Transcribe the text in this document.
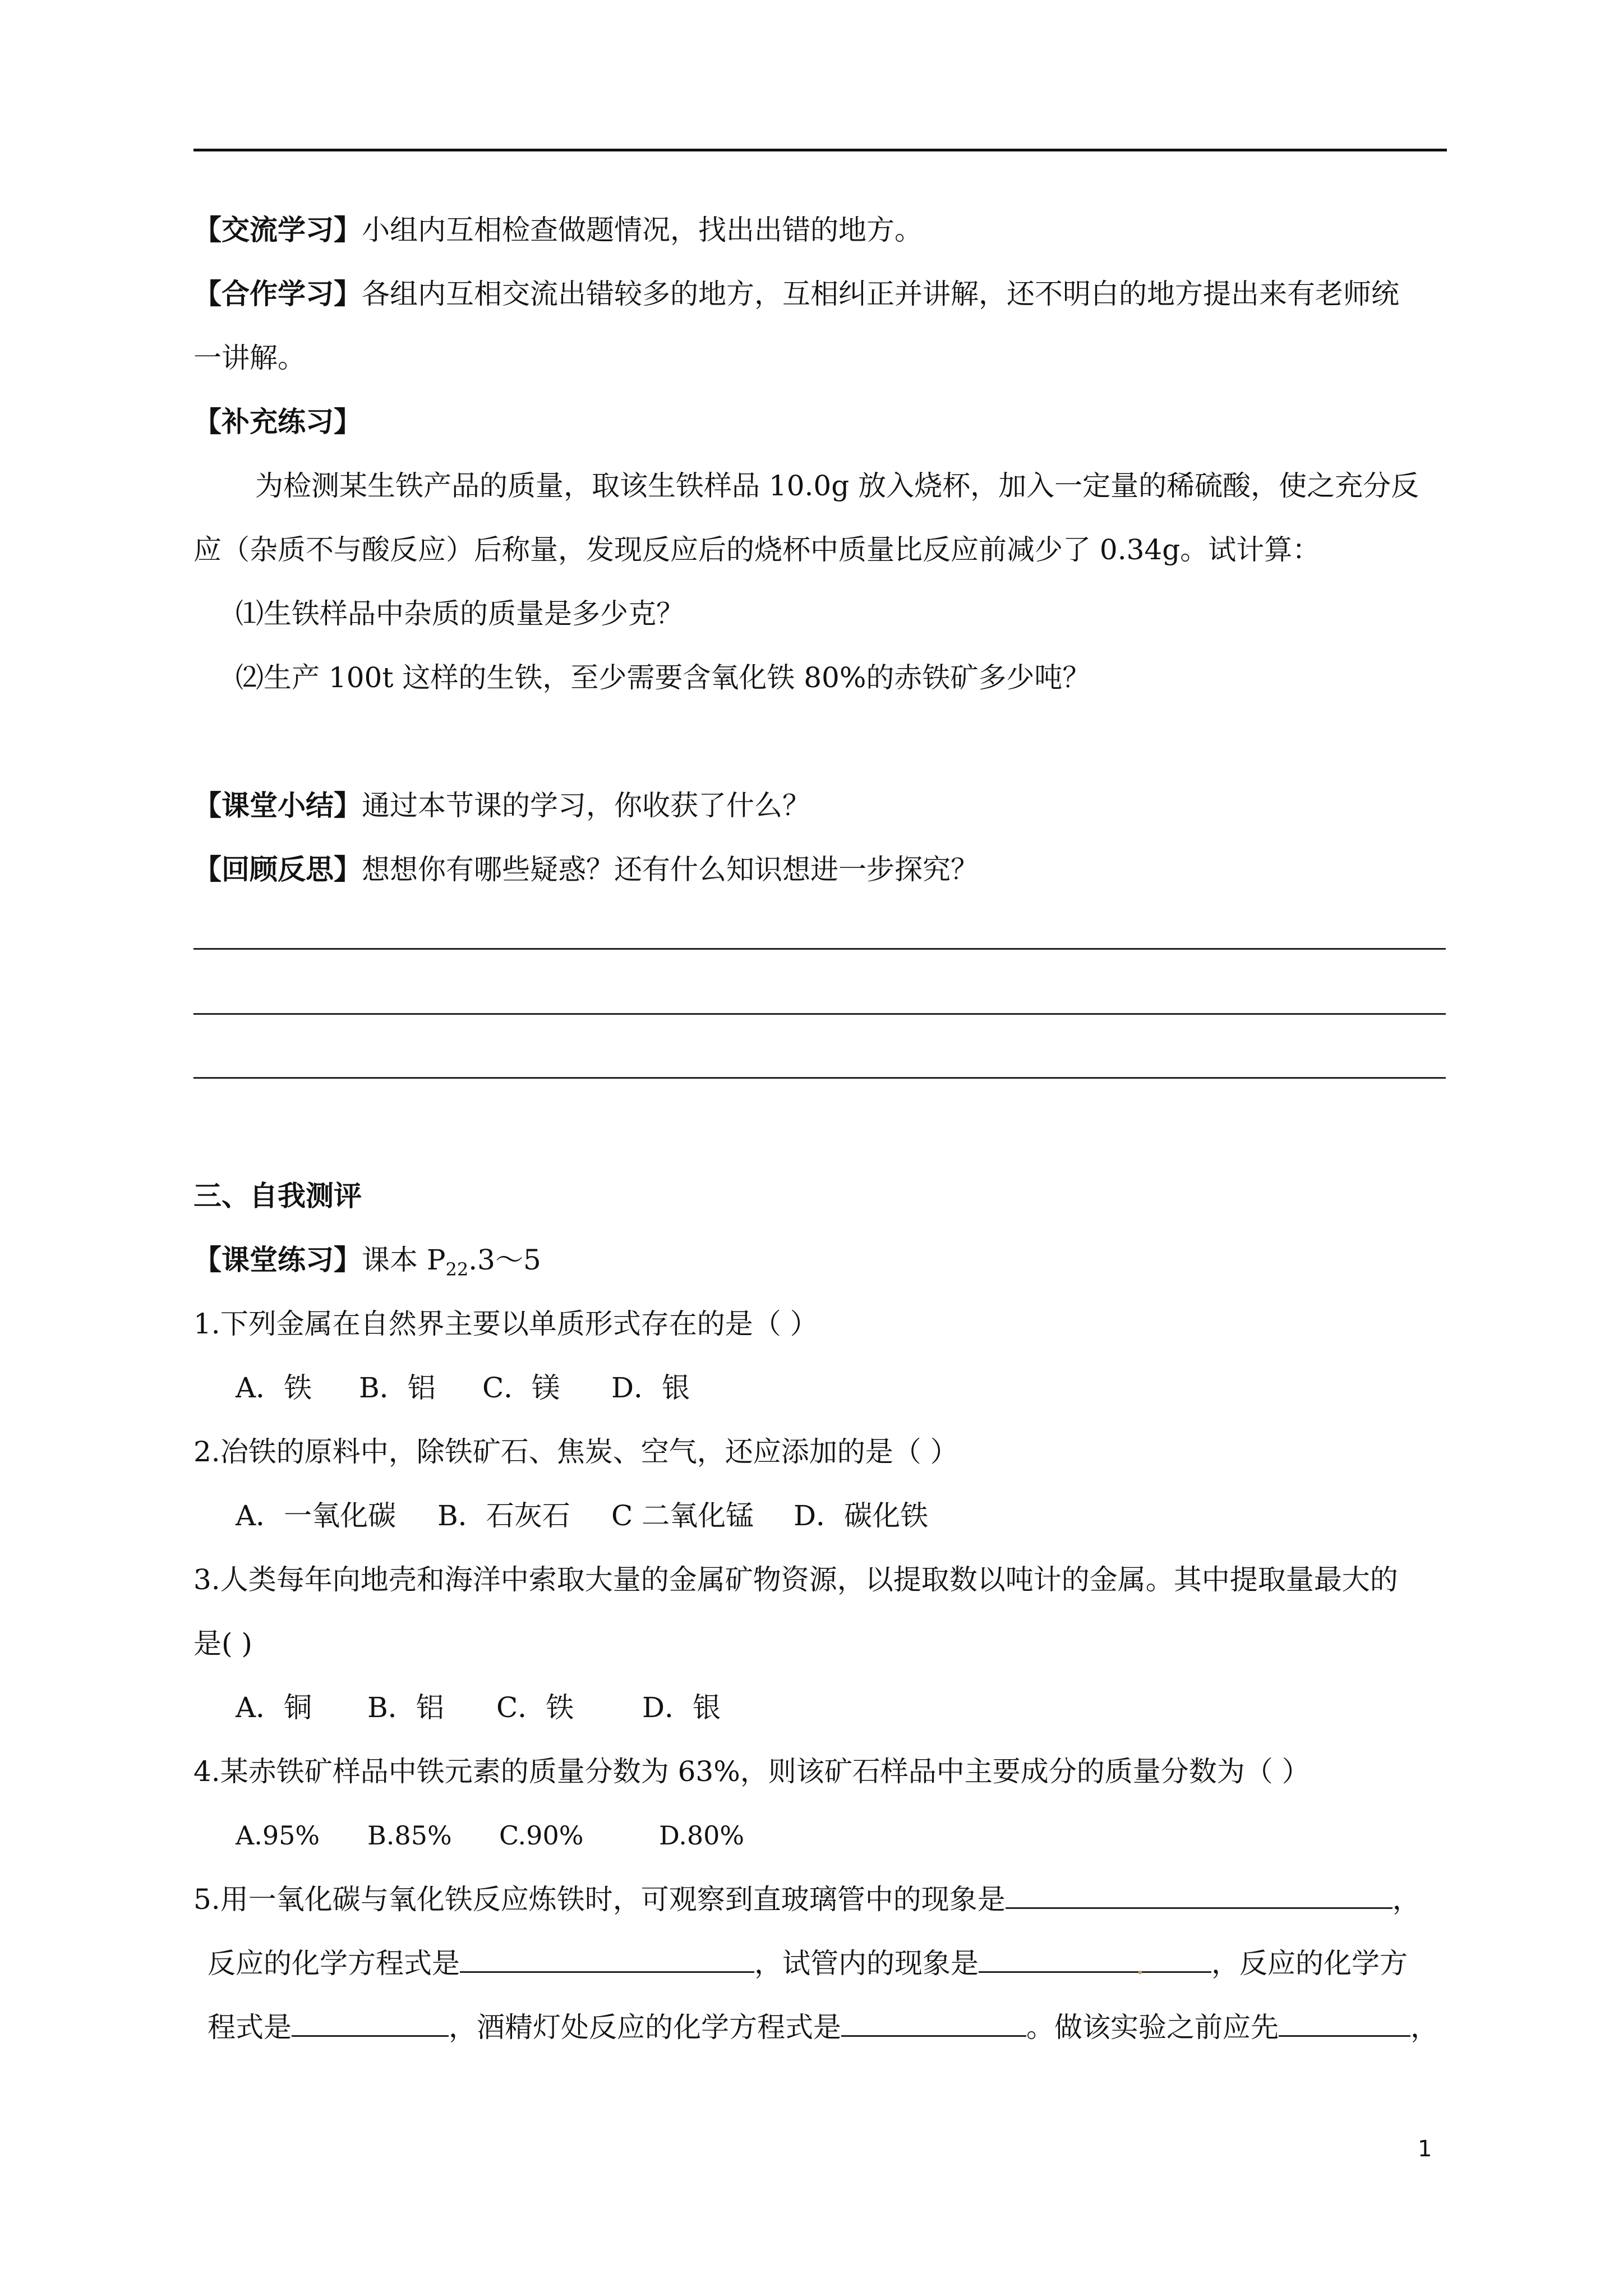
【交流学习】小组内互相检查做题情况，找出出错的地方。
【合作学习】各组内互相交流出错较多的地方，互相纠正并讲解，还不明白的地方提出来有老师统
一讲解。
【补充练习】
为检测某生铁产品的质量，取该生铁样品 10.0g 放入烧杯，加入一定量的稀硫酸，使之充分反
应（杂质不与酸反应）后称量，发现反应后的烧杯中质量比反应前减少了 0.34g。试计算：
⑴生铁样品中杂质的质量是多少克？
⑵生产 100t 这样的生铁，至少需要含氧化铁 80%的赤铁矿多少吨？
【课堂小结】通过本节课的学习，你收获了什么？
【回顾反思】想想你有哪些疑惑？还有什么知识想进一步探究？
三、自我测评
【课堂练习】课本 $P_{22}.3\sim 5$
1.下列金属在自然界主要以单质形式存在的是（ ）
A．铁 B．铝 C．镁 D．银
2.冶铁的原料中，除铁矿石、焦炭、空气，还应添加的是（ ）
A．一氧化碳 B．石灰石 C 二氧化锰 D．碳化铁
3.人类每年向地壳和海洋中索取大量的金属矿物资源，以提取数以吨计的金属。其中提取量最大的
是( )
A．铜 B．铝 C．铁 D．银
4.某赤铁矿样品中铁元素的质量分数为 63%，则该矿石样品中主要成分的质量分数为（ ）
A.95% B.85% C.90%	D.80%
5.用一氧化碳与氧化铁反应炼铁时，可观察到直玻璃管中的现象是	，
反应的化学方程式是	，试管内的现象是	. ，反应的化学方
程式是	，酒精灯处反应的化学方程式是	。做该实验之前应先	，
1
